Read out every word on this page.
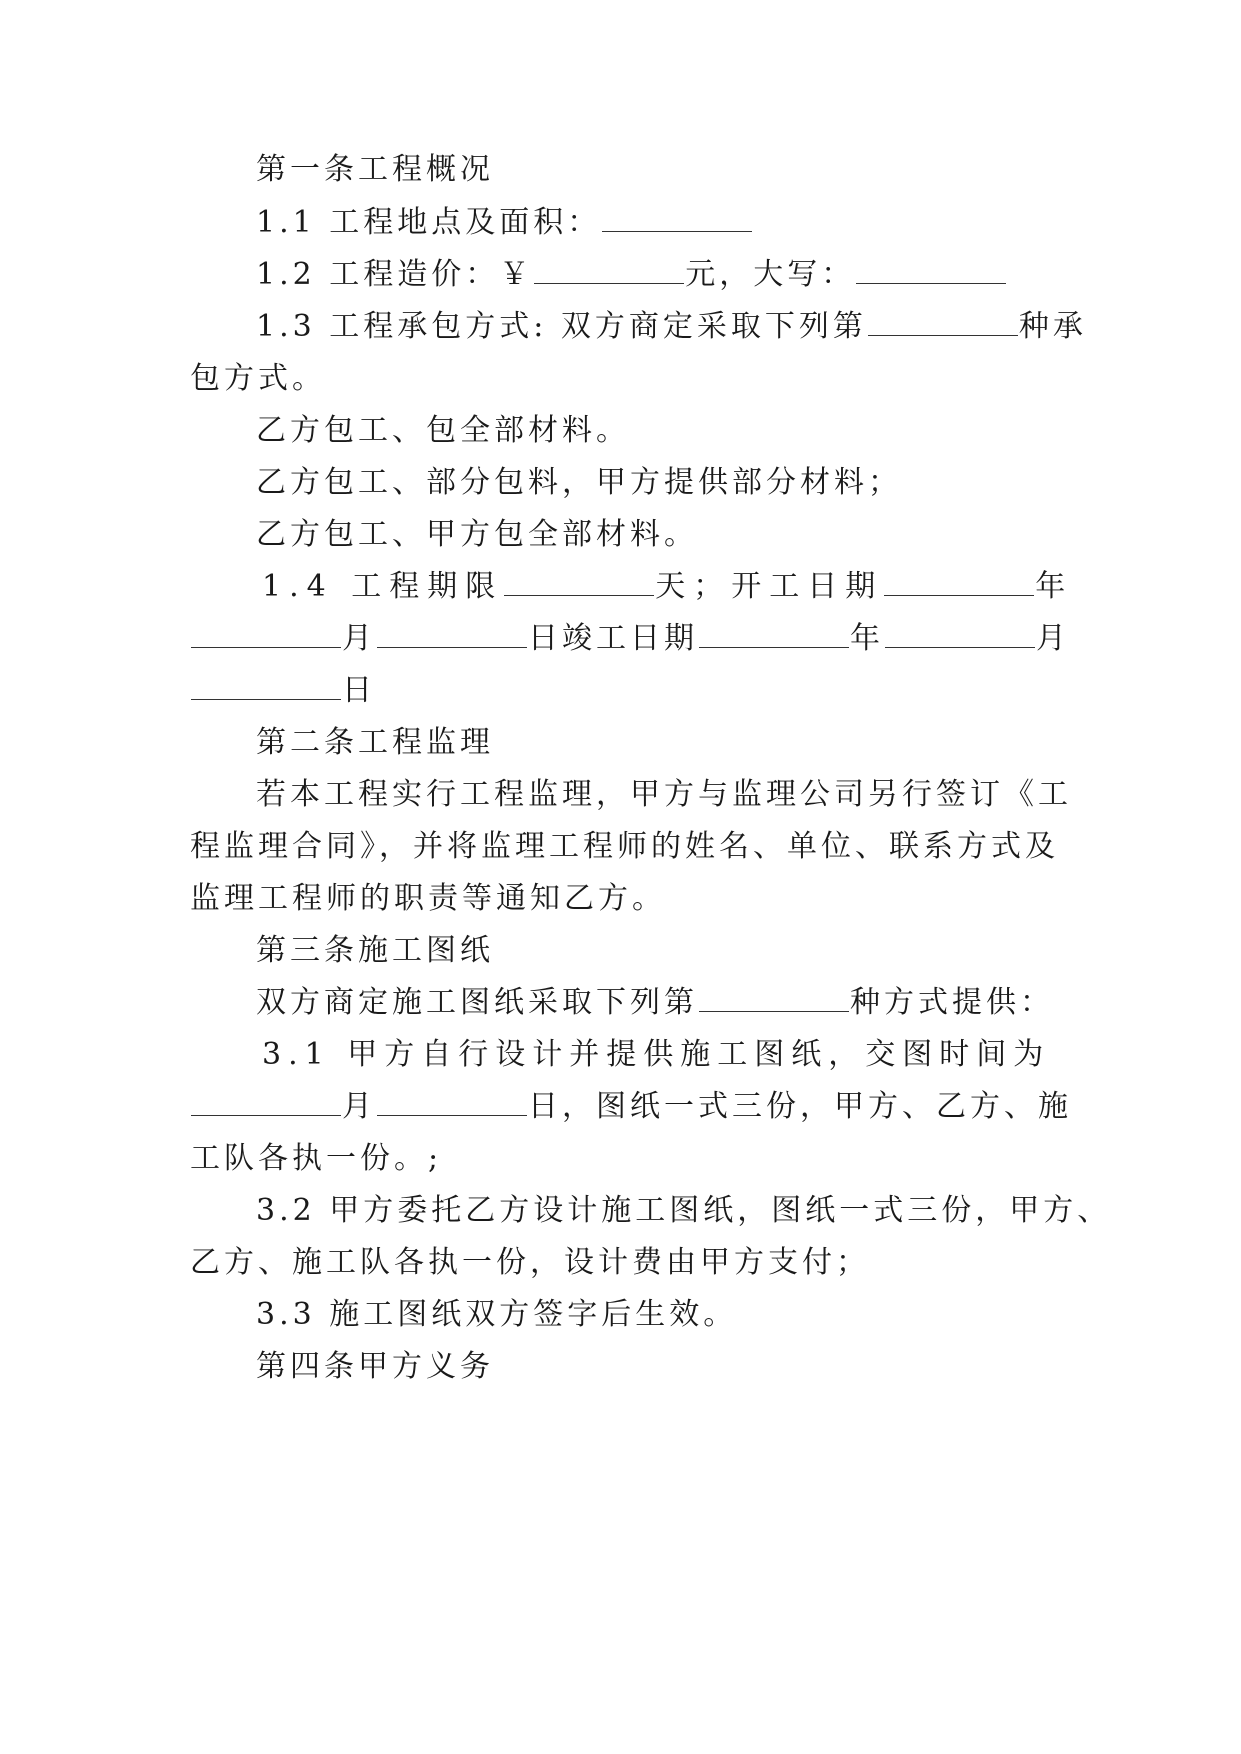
第一条工程概况
1.1 工程地点及面积：
1.2 工程造价：￥	元，大写：
1.3 工程承包方式: 双方商定采取下列第	种承
包方式。
乙方包工、包全部材料。
乙方包工、部分包料，甲方提供部分材料；
乙方包工、甲方包全部材料。
1.4 工程期限	天；开工日期	年
月	日竣工日期	年	月
日
第二条工程监理
若本工程实行工程监理，甲方与监理公司另行签订《工
程监理合同》，并将监理工程师的姓名、单位、联系方式及
监理工程师的职责等通知乙方。
第三条施工图纸
双方商定施工图纸采取下列第	种方式提供：
3.1 甲方自行设计并提供施工图纸，交图时间为
月	日，图纸一式三份，甲方、乙方、施
工队各执一份。;
3.2 甲方委托乙方设计施工图纸，图纸一式三份，甲方、
乙方、施工队各执一份，设计费由甲方支付；
3.3 施工图纸双方签字后生效。
第四条甲方义务
